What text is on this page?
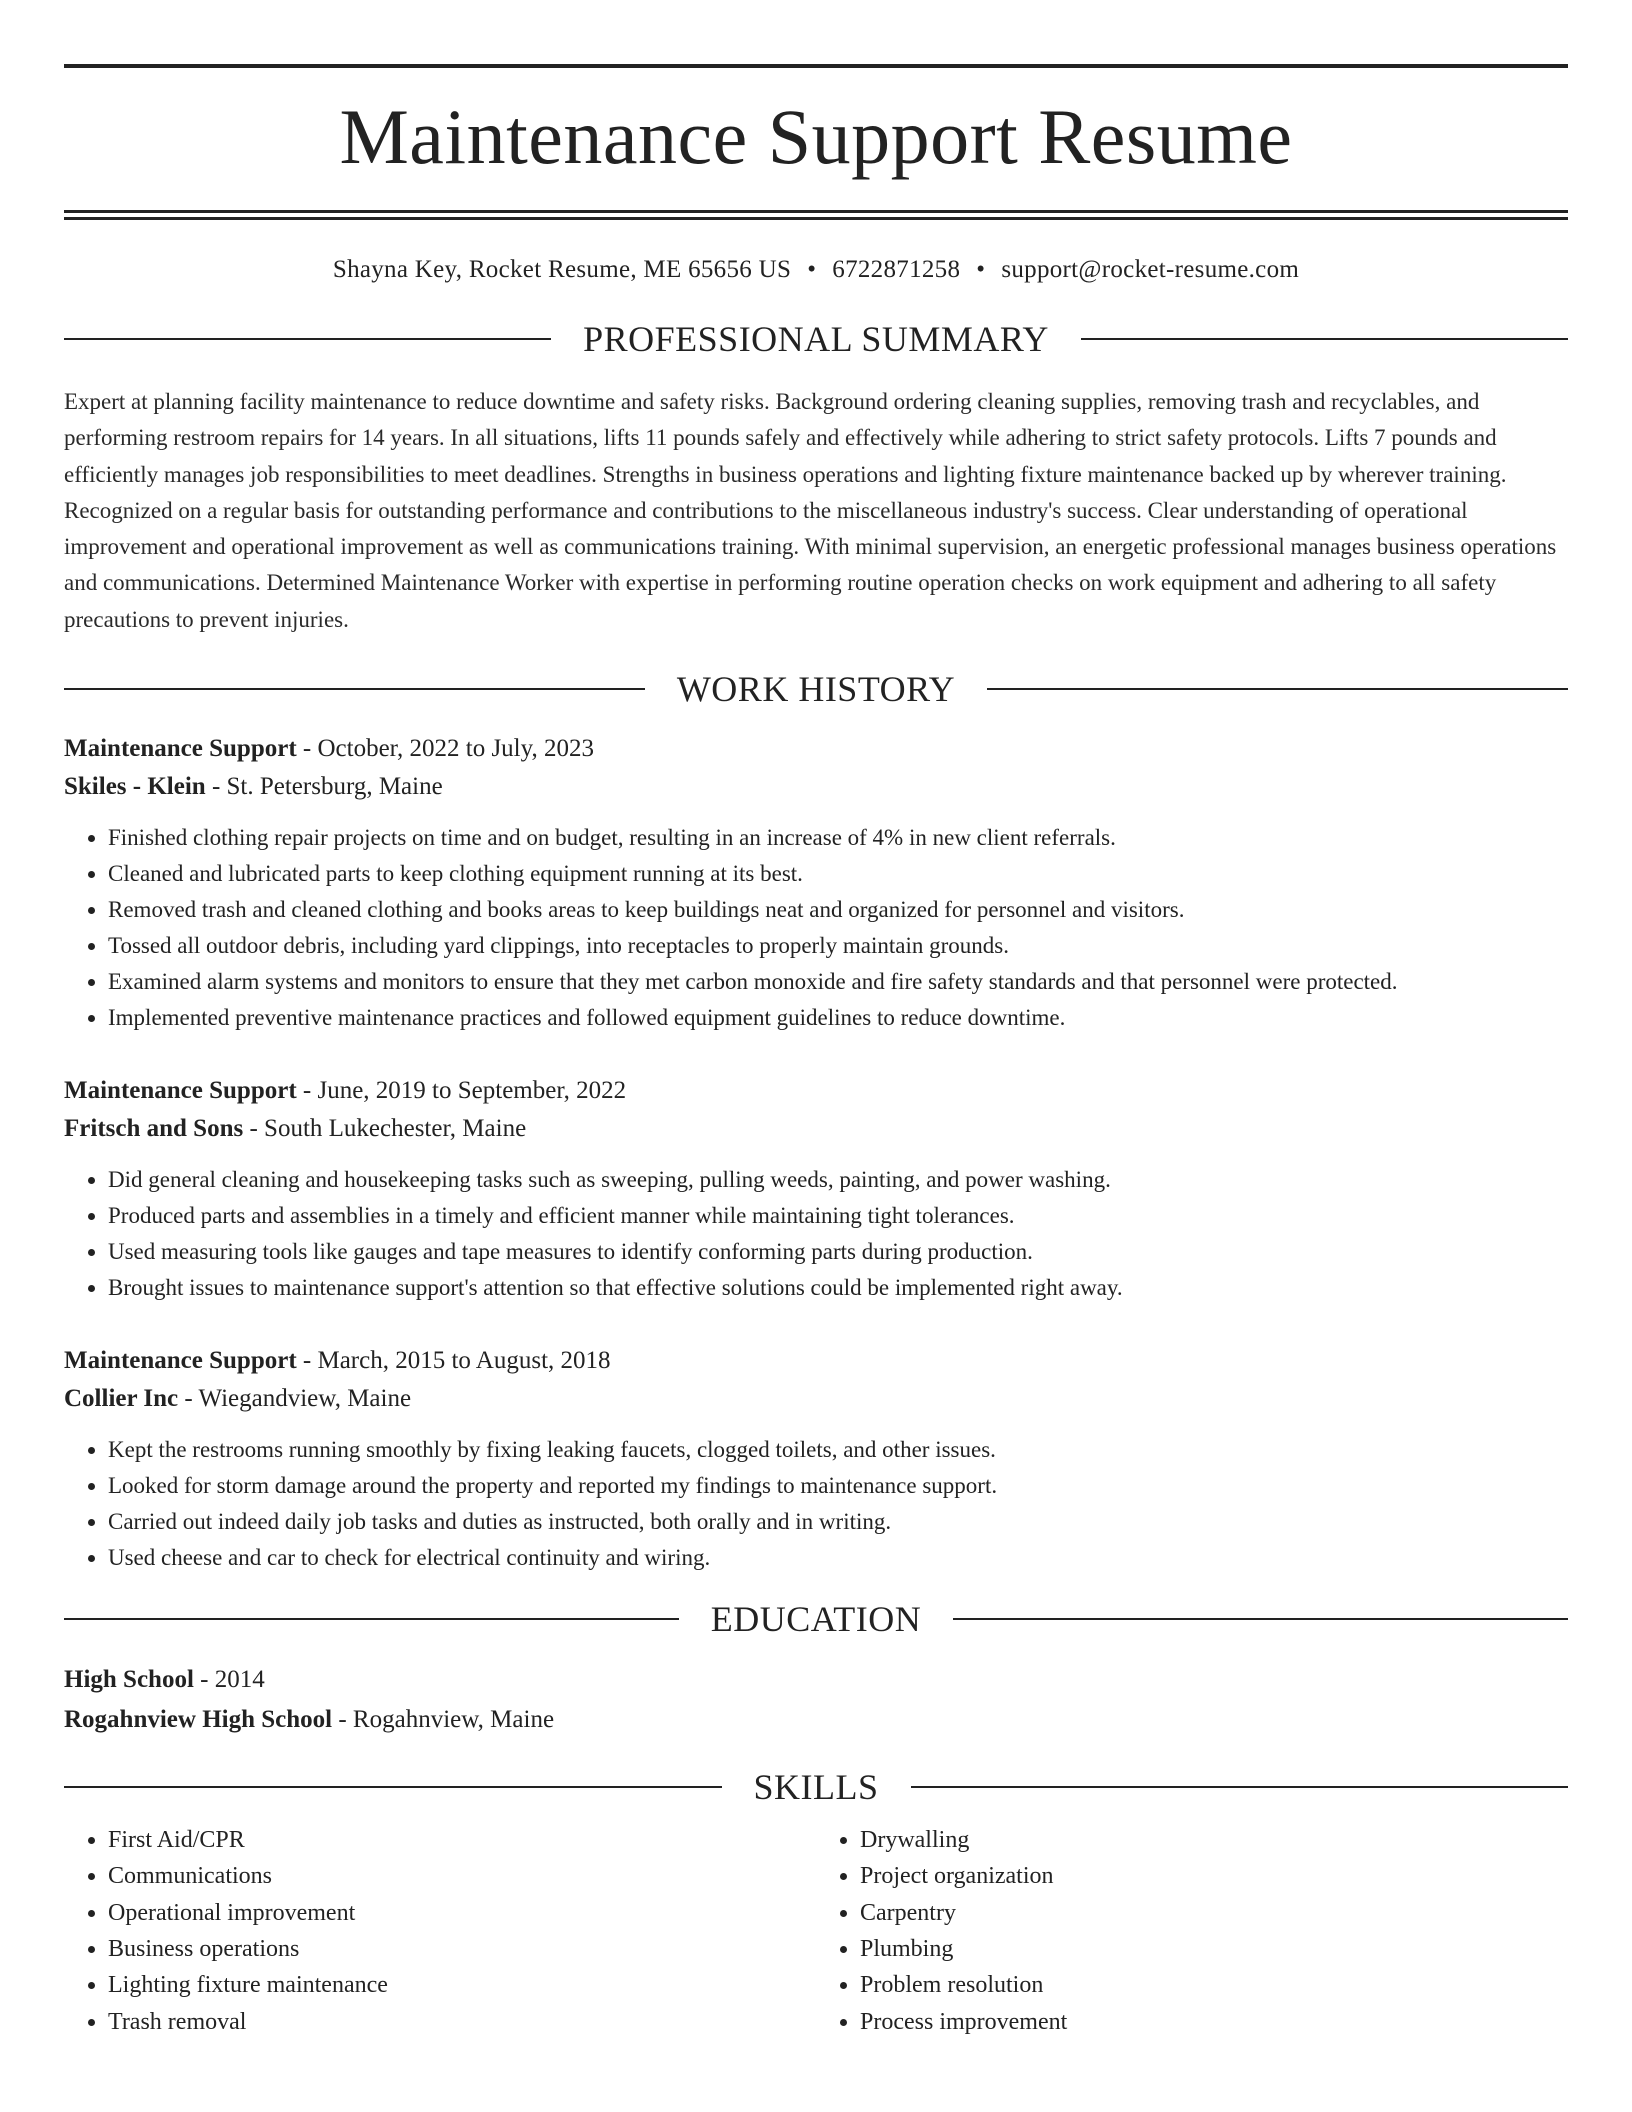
Maintenance Support Resume
Shayna Key, Rocket Resume, ME 65656 US • 6722871258 • support@rocket-resume.com
PROFESSIONAL SUMMARY
Expert at planning facility maintenance to reduce downtime and safety risks. Background ordering cleaning supplies, removing trash and recyclables, and performing restroom repairs for 14 years. In all situations, lifts 11 pounds safely and effectively while adhering to strict safety protocols. Lifts 7 pounds and efficiently manages job responsibilities to meet deadlines. Strengths in business operations and lighting fixture maintenance backed up by wherever training. Recognized on a regular basis for outstanding performance and contributions to the miscellaneous industry's success. Clear understanding of operational improvement and operational improvement as well as communications training. With minimal supervision, an energetic professional manages business operations and communications. Determined Maintenance Worker with expertise in performing routine operation checks on work equipment and adhering to all safety precautions to prevent injuries.
WORK HISTORY
Maintenance Support - October, 2022 to July, 2023
Skiles - Klein - St. Petersburg, Maine
• Finished clothing repair projects on time and on budget, resulting in an increase of 4% in new client referrals.
• Cleaned and lubricated parts to keep clothing equipment running at its best.
• Removed trash and cleaned clothing and books areas to keep buildings neat and organized for personnel and visitors.
• Tossed all outdoor debris, including yard clippings, into receptacles to properly maintain grounds.
• Examined alarm systems and monitors to ensure that they met carbon monoxide and fire safety standards and that personnel were protected.
• Implemented preventive maintenance practices and followed equipment guidelines to reduce downtime.
Maintenance Support - June, 2019 to September, 2022
Fritsch and Sons - South Lukechester, Maine
• Did general cleaning and housekeeping tasks such as sweeping, pulling weeds, painting, and power washing.
• Produced parts and assemblies in a timely and efficient manner while maintaining tight tolerances.
• Used measuring tools like gauges and tape measures to identify conforming parts during production.
• Brought issues to maintenance support's attention so that effective solutions could be implemented right away.
Maintenance Support - March, 2015 to August, 2018
Collier Inc - Wiegandview, Maine
• Kept the restrooms running smoothly by fixing leaking faucets, clogged toilets, and other issues.
• Looked for storm damage around the property and reported my findings to maintenance support.
• Carried out indeed daily job tasks and duties as instructed, both orally and in writing.
• Used cheese and car to check for electrical continuity and wiring.
EDUCATION
High School - 2014
Rogahnview High School - Rogahnview, Maine
SKILLS
• First Aid/CPR
• Communications
• Operational improvement
• Business operations
• Lighting fixture maintenance
• Trash removal
• Drywalling
• Project organization
• Carpentry
• Plumbing
• Problem resolution
• Process improvement
